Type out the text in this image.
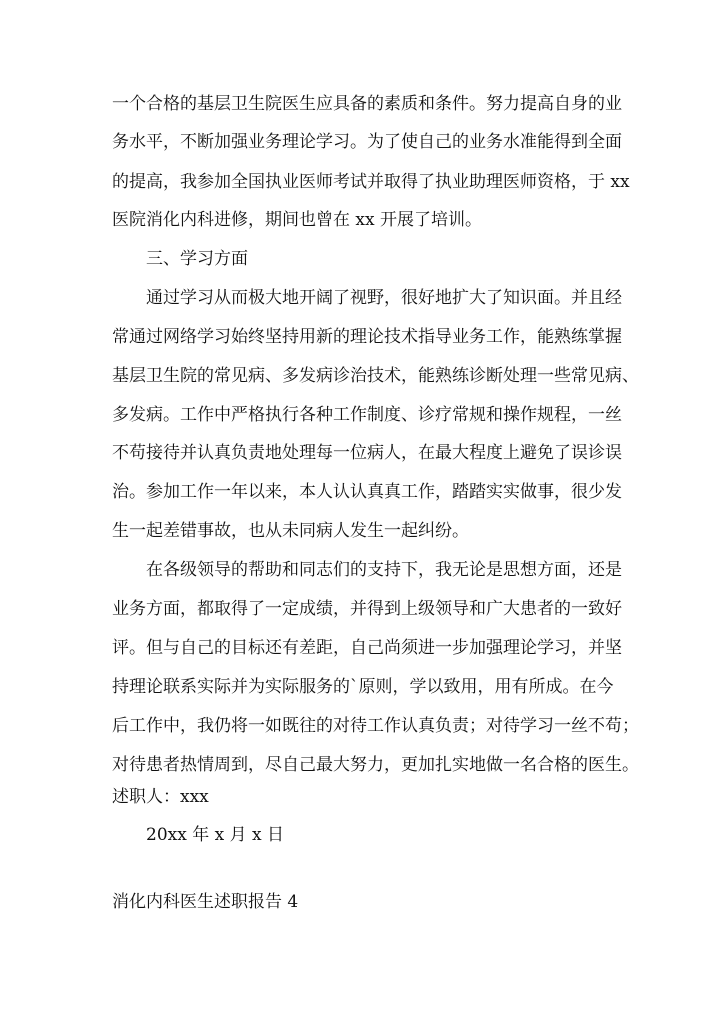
一个合格的基层卫生院医生应具备的素质和条件。努力提高自身的业
务水平，不断加强业务理论学习。为了使自己的业务水准能得到全面
的提高，我参加全国执业医师考试并取得了执业助理医师资格，于 xx
医院消化内科进修，期间也曾在 xx 开展了培训。
三、学习方面
通过学习从而极大地开阔了视野，很好地扩大了知识面。并且经
常通过网络学习始终坚持用新的理论技术指导业务工作，能熟练掌握
基层卫生院的常见病、多发病诊治技术，能熟练诊断处理一些常见病、
多发病。工作中严格执行各种工作制度、诊疗常规和操作规程，一丝
不苟接待并认真负责地处理每一位病人，在最大程度上避免了误诊误
治。参加工作一年以来，本人认认真真工作，踏踏实实做事，很少发
生一起差错事故，也从未同病人发生一起纠纷。
在各级领导的帮助和同志们的支持下，我无论是思想方面，还是
业务方面，都取得了一定成绩，并得到上级领导和广大患者的一致好
评。但与自己的目标还有差距，自己尚须进一步加强理论学习，并坚
持理论联系实际并为实际服务的`原则，学以致用，用有所成。在今
后工作中，我仍将一如既往的对待工作认真负责；对待学习一丝不苟；
对待患者热情周到，尽自己最大努力，更加扎实地做一名合格的医生。
述职人：xxx
20xx 年 x 月 x 日
消化内科医生述职报告 4
